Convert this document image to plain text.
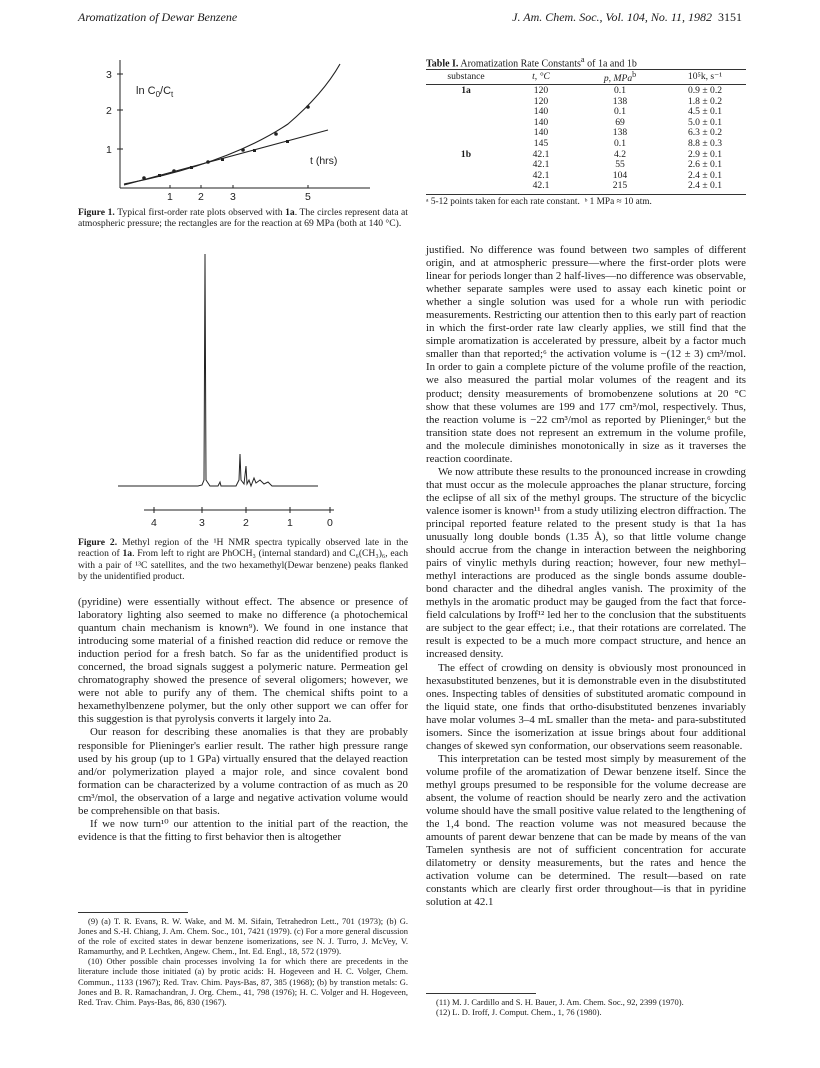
Aromatization of Dewar Benzene	J. Am. Chem. Soc., Vol. 104, No. 11, 1982 3151
3
2
1
1 2 3	5
$\ln C_0/C_t$
t (hrs)
Figure 1. Typical first-order rate plots observed with 1a. The circles represent data at atmospheric pressure; the rectangles are for the reaction at 69 MPa (both at 140 °C).
4	3	2	1	0
Figure 2. Methyl region of the ¹H NMR spectra typically observed late in the reaction of 1a. From left to right are PhOCH₃ (internal standard) and C₆(CH₃)₆, each with a pair of ¹³C satellites, and the two hexamethyl(Dewar benzene) peaks flanked by the unidentified product.

(pyridine) were essentially without effect. The absence or presence of laboratory lighting also seemed to make no difference (a photochemical quantum chain mechanism is known⁹). We found in one instance that introducing some material of a finished reaction did reduce or remove the induction period for a fresh batch. So far as the unidentified product is concerned, the broad signals suggest a polymeric nature. Permeation gel chromatography showed the presence of several oligomers; however, we were not able to purify any of them. The chemical shifts point to a hexamethylbenzene polymer, but the only other support we can offer for this suggestion is that pyrolysis converts it largely into 2a.

Our reason for describing these anomalies is that they are probably responsible for Plieninger's earlier result. The rather high pressure range used by his group (up to 1 GPa) virtually ensured that the delayed reaction and/or polymerization played a major role, and since covalent bond formation can be characterized by a volume contraction of as much as 20 cm³/mol, the observation of a large and negative activation volume would be comprehensible on that basis.

If we now turn¹⁰ our attention to the initial part of the reaction, the evidence is that the fitting to first behavior then is altogether

(9) (a) T. R. Evans, R. W. Wake, and M. M. Sifain, Tetrahedron Lett., 701 (1973); (b) G. Jones and S.-H. Chiang, J. Am. Chem. Soc., 101, 7421 (1979). (c) For a more general discussion of the role of excited states in dewar benzene isomerizations, see N. J. Turro, J. McVey, V. Ramamurthy, and P. Lechtken, Angew. Chem., Int. Ed. Engl., 18, 572 (1979).

(10) Other possible chain processes involving 1a for which there are precedents in the literature include those initiated (a) by protic acids: H. Hogeveen and H. C. Volger, Chem. Commun., 1133 (1967); Red. Trav. Chim. Pays-Bas, 87, 385 (1968); (b) by transtion metals: G. Jones and B. R. Ramachandran, J. Org. Chem., 41, 798 (1976); H. C. Volger and H. Hogeveen, Red. Trav. Chim. Pays-Bas, 86, 830 (1967).

Table I. Aromatization Rate Constants$^a$ of 1a and 1b
substance	t, °C	p, MPa$^b$	10⁵k, s⁻¹
1a	120	0.1	0.9 ± 0.2
	120	138	1.8 ± 0.2
	140	0.1	4.5 ± 0.1
	140	69	5.0 ± 0.1
	140	138	6.3 ± 0.2
	145	0.1	8.8 ± 0.3
1b	42.1	4.2	2.9 ± 0.1
	42.1	55	2.6 ± 0.1
	42.1	104	2.4 ± 0.1
	42.1	215	2.4 ± 0.1
ᵃ 5-12 points taken for each rate constant. ᵇ 1 MPa ≈ 10 atm.

justified. No difference was found between two samples of different origin, and at atmospheric pressure—where the first-order plots were linear for periods longer than 2 half-lives—no difference was observable, whether separate samples were used to assay each kinetic point or whether a single solution was used for a whole run with periodic measurements. Restricting our attention then to this early part of reaction in which the first-order rate law clearly applies, we still find that the simple aromatization is accelerated by pressure, albeit by a factor much smaller than that reported;⁶ the activation volume is −(12 ± 3) cm³/mol. In order to gain a complete picture of the volume profile of the reaction, we also measured the partial molar volumes of the reagent and its product; density measurements of bromobenzene solutions at 20 °C show that these volumes are 199 and 177 cm³/mol, respectively. Thus, the reaction volume is −22 cm³/mol as reported by Plieninger,⁶ but the transition state does not represent an extremum in the volume profile, and the molecule diminishes monotonically in size as it traverses the reaction coordinate.

We now attribute these results to the pronounced increase in crowding that must occur as the molecule approaches the planar structure, forcing the eclipse of all six of the methyl groups. The structure of the bicyclic valence isomer is known¹¹ from a study utilizing electron diffraction. The principal reported feature related to the present study is that 1a has unusually long double bonds (1.35 Å), so that little volume change should accrue from the change in interaction between the neighboring pairs of vinylic methyls during reaction; however, four new methyl–methyl interactions are produced as the single bonds assume double-bond character and the dihedral angles vanish. The proximity of the methyls in the aromatic product may be gauged from the fact that force-field calculations by Iroff¹² led her to the conclusion that the substituents are subject to the gear effect; i.e., that their rotations are correlated. The result is expected to be a much more compact structure, and hence an increased density.

The effect of crowding on density is obviously most pronounced in hexasubstituted benzenes, but it is demonstrable even in the disubstituted ones. Inspecting tables of densities of substituted aromatic compound in the liquid state, one finds that ortho-disubstituted benzenes invariably have molar volumes 3–4 mL smaller than the meta- and para-substituted isomers. Since the isomerization at issue brings about four additional changes of skewed syn conformation, our observations seem reasonable.

This interpretation can be tested most simply by measurement of the volume profile of the aromatization of Dewar benzene itself. Since the methyl groups presumed to be responsible for the volume decrease are absent, the volume of reaction should be nearly zero and the activation volume should have the small positive value related to the lengthening of the 1,4 bond. The reaction volume was not measured because the amounts of parent dewar benzene that can be made by means of the van Tamelen synthesis are not of sufficient concentration for accurate dilatometry or density measurements, but the rates and hence the activation volume can be determined. The result—based on rate constants which are clearly first order throughout—is that in pyridine solution at 42.1

(11) M. J. Cardillo and S. H. Bauer, J. Am. Chem. Soc., 92, 2399 (1970).

(12) L. D. Iroff, J. Comput. Chem., 1, 76 (1980).
